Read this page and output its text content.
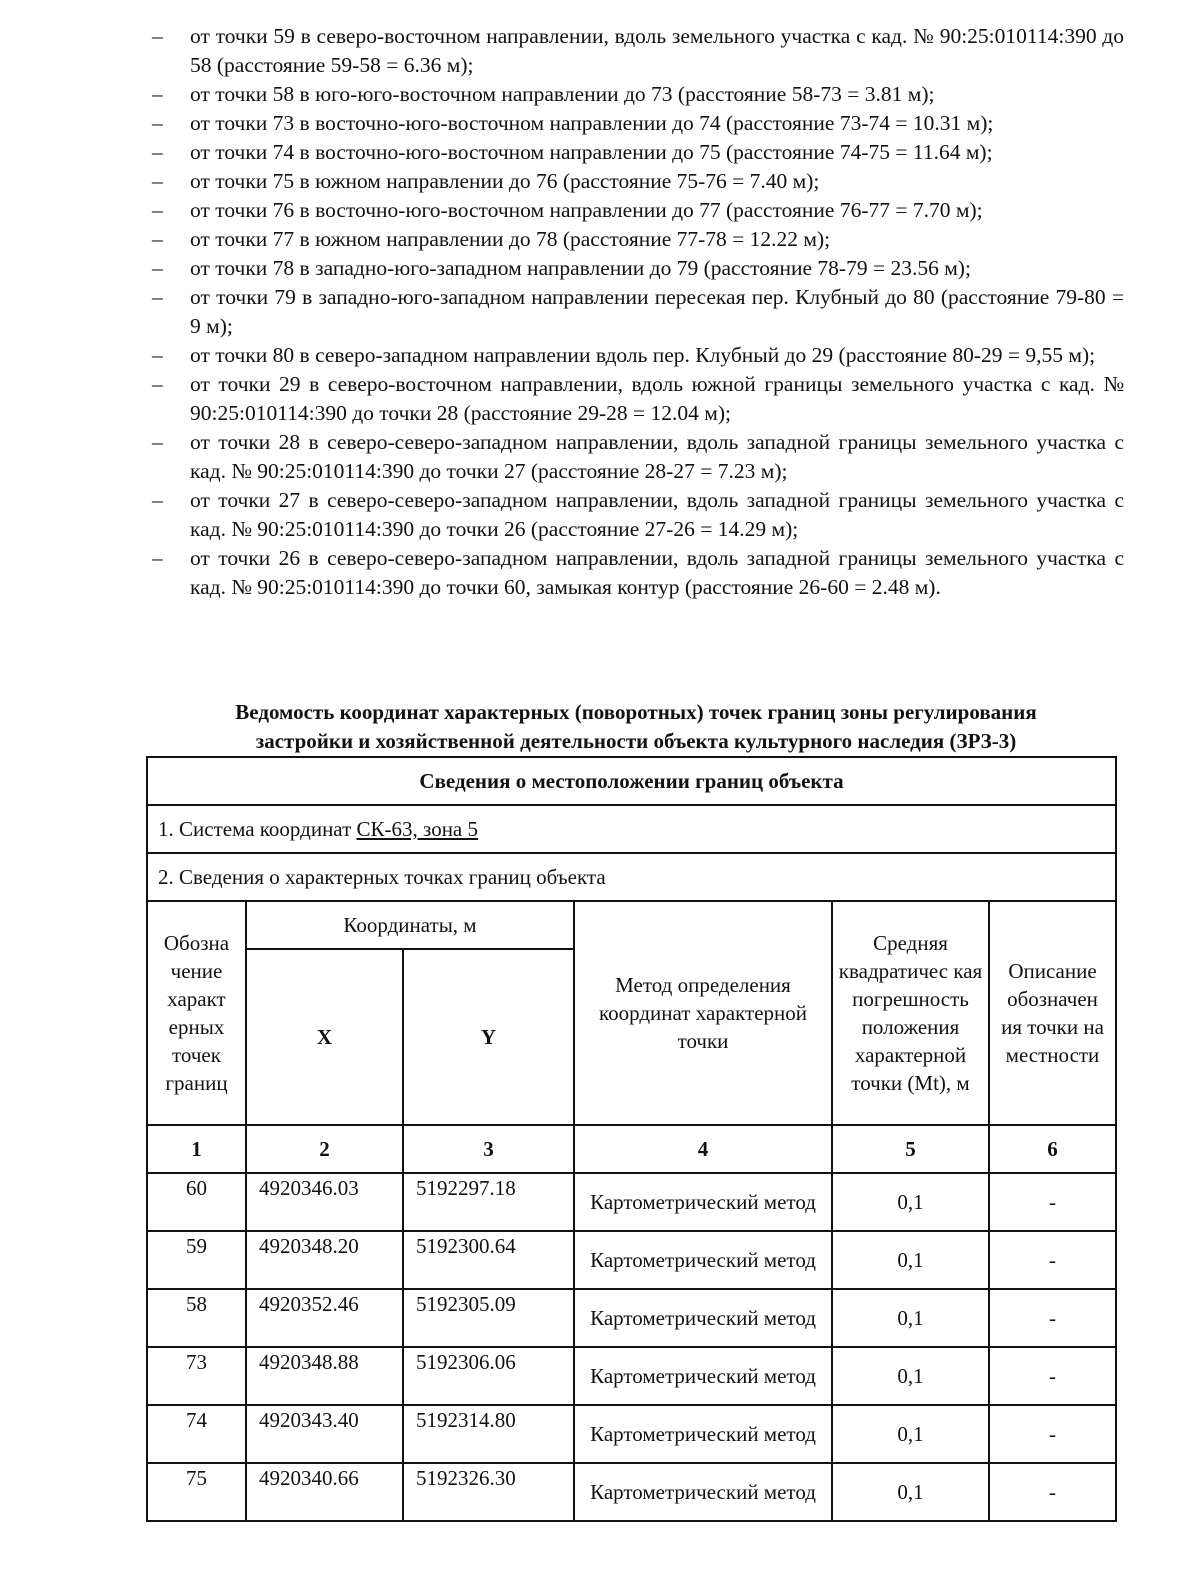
– от точки 59 в северо-восточном направлении, вдоль земельного участка с кад. № 90:25:010114:390 до 58 (расстояние 59-58 = 6.36 м);
– от точки 58 в юго-юго-восточном направлении до 73 (расстояние 58-73 = 3.81 м);
– от точки 73 в восточно-юго-восточном направлении до 74 (расстояние 73-74 = 10.31 м);
– от точки 74 в восточно-юго-восточном направлении до 75 (расстояние 74-75 = 11.64 м);
– от точки 75 в южном направлении до 76 (расстояние 75-76 = 7.40 м);
– от точки 76 в восточно-юго-восточном направлении до 77 (расстояние 76-77 = 7.70 м);
– от точки 77 в южном направлении до 78 (расстояние 77-78 = 12.22 м);
– от точки 78 в западно-юго-западном направлении до 79 (расстояние 78-79 = 23.56 м);
– от точки 79 в западно-юго-западном направлении пересекая пер. Клубный до 80 (расстояние 79-80 = 9 м);
– от точки 80 в северо-западном направлении вдоль пер. Клубный до 29 (расстояние 80-29 = 9,55 м);
– от точки 29 в северо-восточном направлении, вдоль южной границы земельного участка с кад. № 90:25:010114:390 до точки 28 (расстояние 29-28 = 12.04 м);
– от точки 28 в северо-северо-западном направлении, вдоль западной границы земельного участка с кад. № 90:25:010114:390 до точки 27 (расстояние 28-27 = 7.23 м);
– от точки 27 в северо-северо-западном направлении, вдоль западной границы земельного участка с кад. № 90:25:010114:390 до точки 26 (расстояние 27-26 = 14.29 м);
– от точки 26 в северо-северо-западном направлении, вдоль западной границы земельного участка с кад. № 90:25:010114:390 до точки 60, замыкая контур (расстояние 26-60 = 2.48 м).
Ведомость координат характерных (поворотных) точек границ зоны регулирования
застройки и хозяйственной деятельности объекта культурного наследия (ЗРЗ-3)
Сведения о местоположении границ объекта					
1. Система координат СК-63, зона 5					
2. Сведения о характерных точках границ объекта					
Обозна чение характ ерных точек границ	Координаты, м		Метод определения координат характерной точки	Средняя квадратичес кая погрешность положения характерной точки (Mt), м	Описание обозначен ия точки на местности
	X	Y			
1	2	3	4	5	6
60	4920346.03	5192297.18	Картометрический метод	0,1	-
59	4920348.20	5192300.64	Картометрический метод	0,1	-
58	4920352.46	5192305.09	Картометрический метод	0,1	-
73	4920348.88	5192306.06	Картометрический метод	0,1	-
74	4920343.40	5192314.80	Картометрический метод	0,1	-
75	4920340.66	5192326.30	Картометрический метод	0,1	-
